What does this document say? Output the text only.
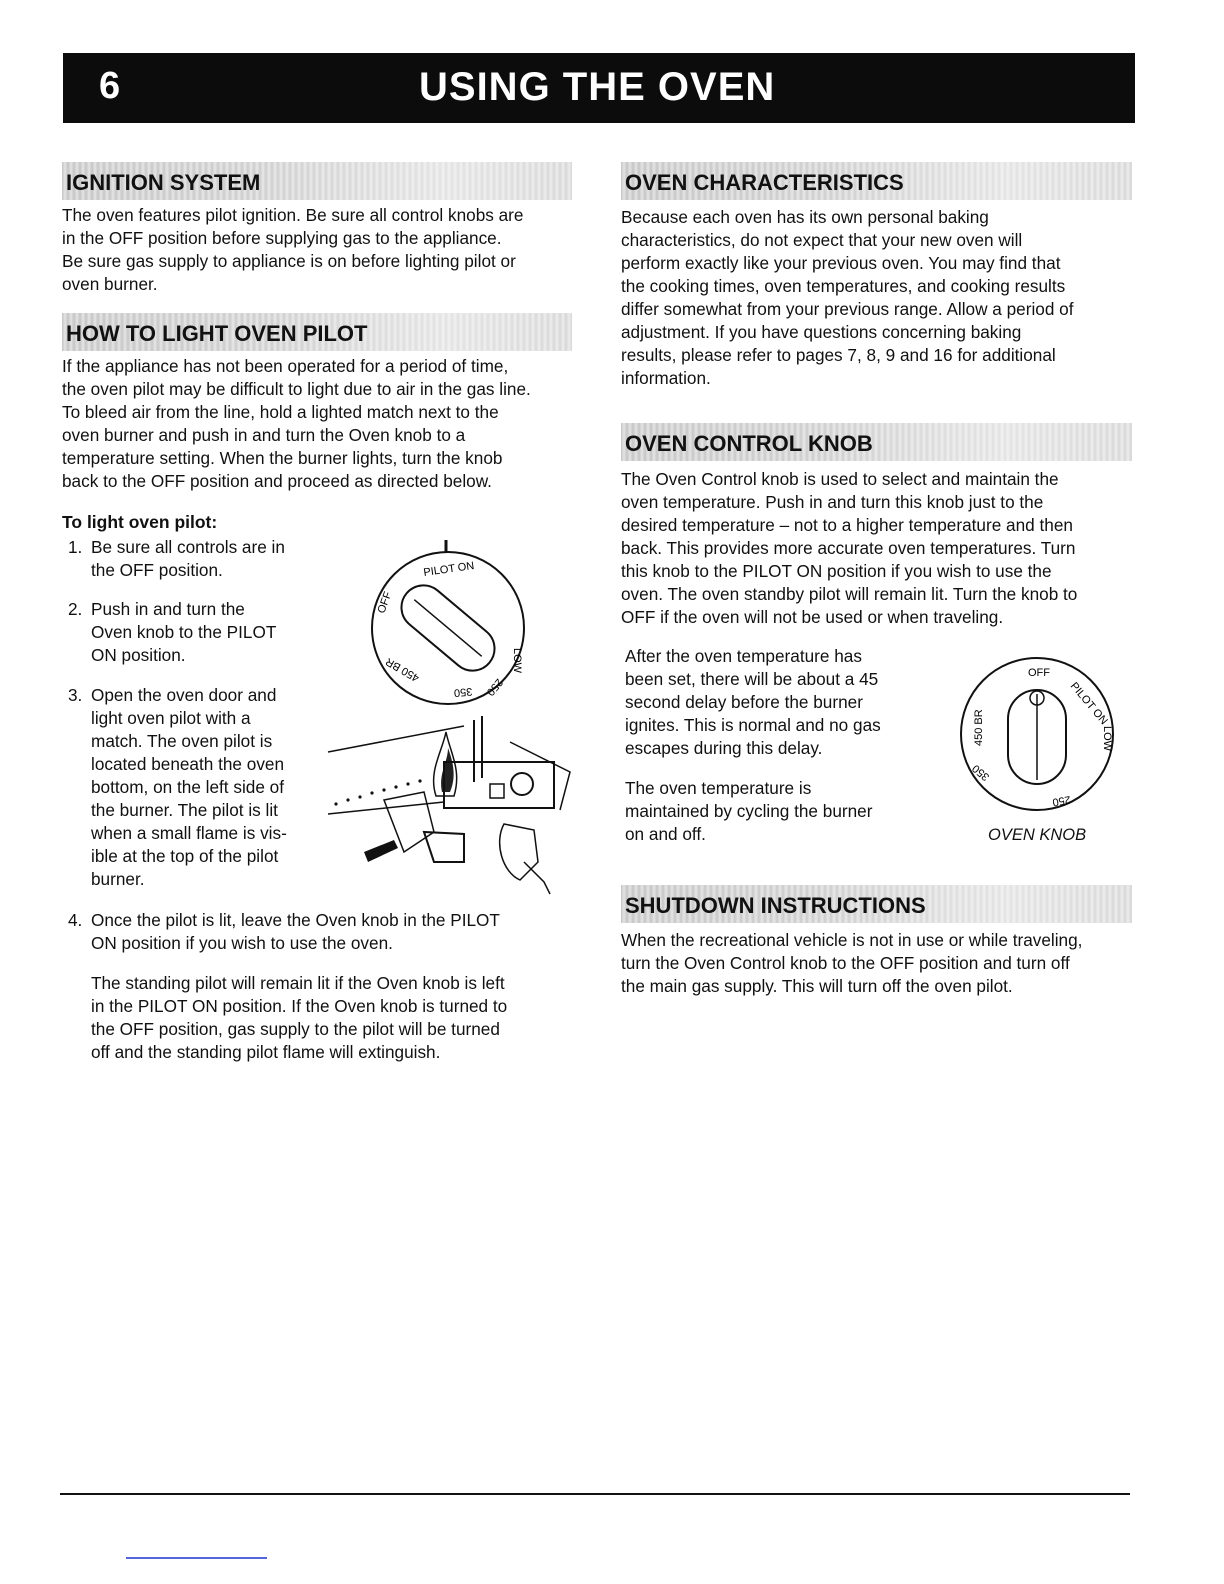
6	USING THE OVEN
IGNITION SYSTEM
The oven features pilot ignition. Be sure all control knobs are
in the OFF position before supplying gas to the appliance.
Be sure gas supply to appliance is on before lighting pilot or
oven burner.
HOW TO LIGHT OVEN PILOT
If the appliance has not been operated for a period of time,
the oven pilot may be difficult to light due to air in the gas line.
To bleed air from the line, hold a lighted match next to the
oven burner and push in and turn the Oven knob to a
temperature setting. When the burner lights, turn the knob
back to the OFF position and proceed as directed below.
To light oven pilot:
1. Be sure all controls are in
the OFF position.
2. Push in and turn the
Oven knob to the PILOT
ON position.
3. Open the oven door and
light oven pilot with a
match. The oven pilot is
located beneath the oven
bottom, on the left side of
the burner. The pilot is lit
when a small flame is vis-
ible at the top of the pilot
burner.
4. Once the pilot is lit, leave the Oven knob in the PILOT
ON position if you wish to use the oven.
The standing pilot will remain lit if the Oven knob is left
in the PILOT ON position. If the Oven knob is turned to
the OFF position, gas supply to the pilot will be turned
off and the standing pilot flame will extinguish.
PILOT ON
OFF
LOW
250
350
450 BR
OVEN CHARACTERISTICS
Because each oven has its own personal baking
characteristics, do not expect that your new oven will
perform exactly like your previous oven. You may find that
the cooking times, oven temperatures, and cooking results
differ somewhat from your previous range. Allow a period of
adjustment. If you have questions concerning baking
results, please refer to pages 7, 8, 9 and 16 for additional
information.
OVEN CONTROL KNOB
The Oven Control knob is used to select and maintain the
oven temperature. Push in and turn this knob just to the
desired temperature – not to a higher temperature and then
back. This provides more accurate oven temperatures. Turn
this knob to the PILOT ON position if you wish to use the
oven. The oven standby pilot will remain lit. Turn the knob to
OFF if the oven will not be used or when traveling.
After the oven temperature has
been set, there will be about a 45
second delay before the burner
ignites. This is normal and no gas
escapes during this delay.
The oven temperature is
maintained by cycling the burner
on and off.
OFF
PILOT ON
LOW
250
350
450 BR
OVEN KNOB
SHUTDOWN INSTRUCTIONS
When the recreational vehicle is not in use or while traveling,
turn the Oven Control knob to the OFF position and turn off
the main gas supply. This will turn off the oven pilot.
